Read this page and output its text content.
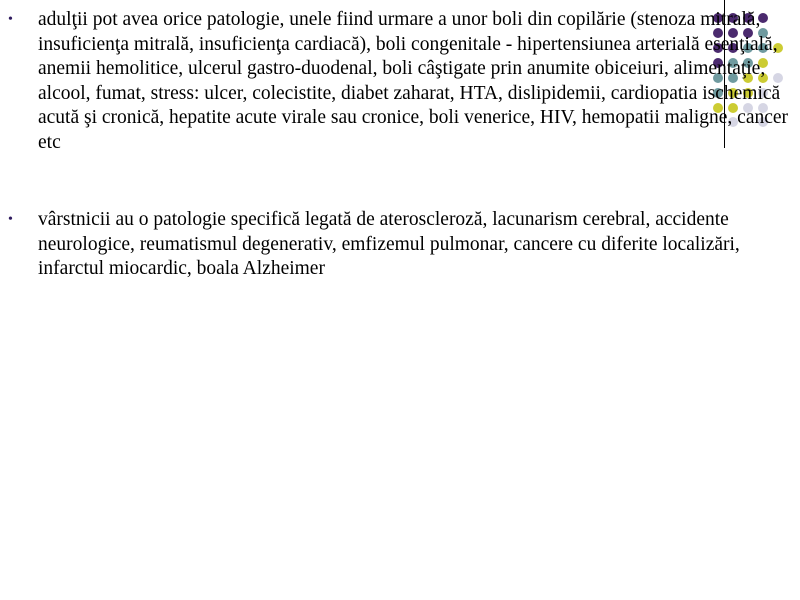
•	adulţii pot avea orice patologie, unele fiind urmare a unor boli din copilărie (stenoza mitrală, insuficienţa mitrală, insuficienţa cardiacă), boli congenitale - hipertensiunea arterială esenţială, anemii hemolitice, ulcerul gastro-duodenal, boli câştigate prin anumite obiceiuri, alimentaţie, alcool, fumat, stress: ulcer, colecistite, diabet zaharat, HTA, dislipidemii, cardiopatia ischemică acută şi cronică, hepatite acute virale sau cronice, boli venerice, HIV, hemopatii maligne, cancer etc
•	vârstnicii au o patologie specifică legată de ateroscleroză, lacunarism cerebral, accidente neurologice, reumatismul degenerativ, emfizemul pulmonar, cancere cu diferite localizări, infarctul miocardic, boala Alzheimer
